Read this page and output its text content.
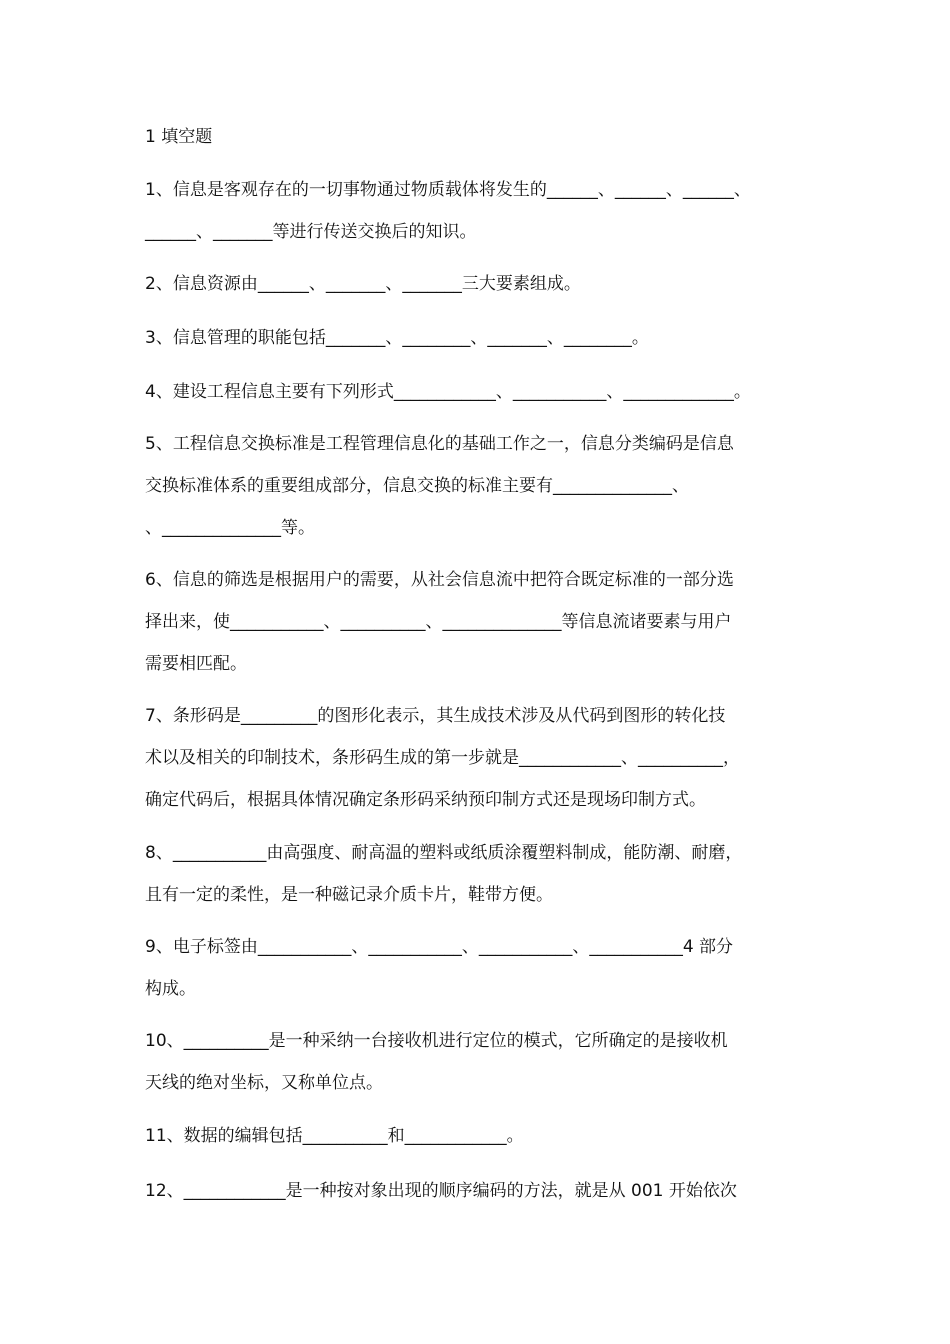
1 填空题
1、信息是客观存在的一切事物通过物质载体将发生的______、______、______、
______、_______等进行传送交换后的知识。
2、信息资源由______、_______、_______三大要素组成。
3、信息管理的职能包括_______、________、_______、________。
4、建设工程信息主要有下列形式____________、___________、_____________。
5、工程信息交换标准是工程管理信息化的基础工作之一，信息分类编码是信息
交换标准体系的重要组成部分，信息交换的标准主要有______________、
、______________等。
6、信息的筛选是根据用户的需要，从社会信息流中把符合既定标准的一部分选
择出来，使___________、__________、______________等信息流诸要素与用户
需要相匹配。
7、条形码是_________的图形化表示，其生成技术涉及从代码到图形的转化技
术以及相关的印制技术，条形码生成的第一步就是____________、__________，
确定代码后，根据具体情况确定条形码采纳预印制方式还是现场印制方式。
8、___________由高强度、耐高温的塑料或纸质涂覆塑料制成，能防潮、耐磨，
且有一定的柔性，是一种磁记录介质卡片，鞋带方便。
9、电子标签由___________、___________、___________、___________4 部分
构成。
10、__________是一种采纳一台接收机进行定位的模式，它所确定的是接收机
天线的绝对坐标，又称单位点。
11、数据的编辑包括__________和____________。
12、____________是一种按对象出现的顺序编码的方法，就是从 001 开始依次
